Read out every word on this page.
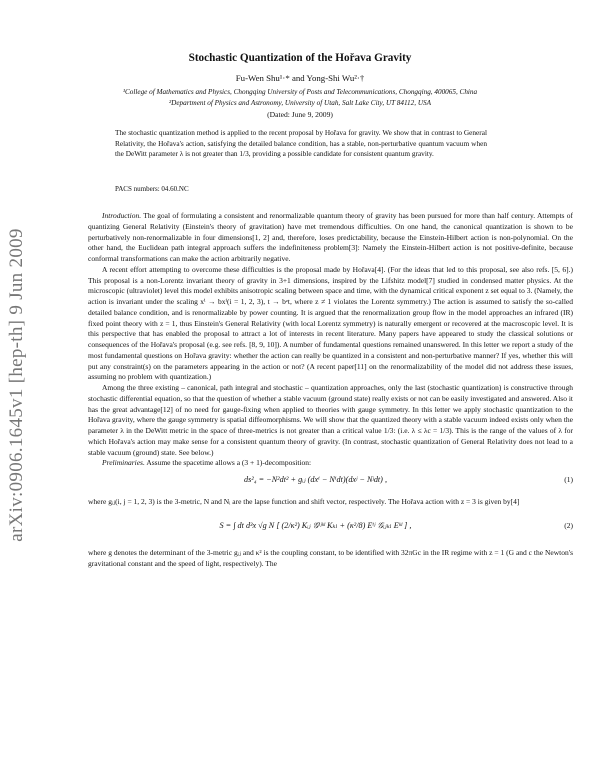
arXiv:0906.1645v1 [hep-th] 9 Jun 2009
Stochastic Quantization of the Hořava Gravity
Fu-Wen Shu¹·* and Yong-Shi Wu²·†
¹College of Mathematics and Physics, Chongqing University of Posts and Telecommunications, Chongqing, 400065, China
²Department of Physics and Astronomy, University of Utah, Salt Lake City, UT 84112, USA
(Dated: June 9, 2009)
The stochastic quantization method is applied to the recent proposal by Hořava for gravity. We show that in contrast to General Relativity, the Hořava's action, satisfying the detailed balance condition, has a stable, non-perturbative quantum vacuum when the DeWitt parameter λ is not greater than 1/3, providing a possible candidate for consistent quantum gravity.
PACS numbers: 04.60.NC

Introduction. The goal of formulating a consistent and renormalizable quantum theory of gravity has been pursued for more than half century. Attempts of quantizing General Relativity (Einstein's theory of gravitation) have met tremendous difficulties. On one hand, the canonical quantization is shown to be perturbatively non-renormalizable in four dimensions[1, 2] and, therefore, loses predictability, because the Einstein-Hilbert action is non-polynomial. On the other hand, the Euclidean path integral approach suffers the indefiniteness problem[3]: Namely the Einstein-Hilbert action is not positive-definite, because conformal transformations can make the action arbitrarily negative.

A recent effort attempting to overcome these difficulties is the proposal made by Hořava[4]. (For the ideas that led to this proposal, see also refs. [5, 6].) This proposal is a non-Lorentz invariant theory of gravity in 3+1 dimensions, inspired by the Lifshitz model[7] studied in condensed matter physics. At the microscopic (ultraviolet) level this model exhibits anisotropic scaling between space and time, with the dynamical critical exponent z set equal to 3. (Namely, the action is invariant under the scaling xⁱ → bxⁱ(i = 1, 2, 3), t → bᶻt, where z ≠ 1 violates the Lorentz symmetry.) The action is assumed to satisfy the so-called detailed balance condition, and is renormalizable by power counting. It is argued that the renormalization group flow in the model approaches an infrared (IR) fixed point theory with z = 1, thus Einstein's General Relativity (with local Lorentz symmetry) is naturally emergent or recovered at the macroscopic level. It is this perspective that has enabled the proposal to attract a lot of interests in recent literature. Many papers have appeared to study the classical solutions or consequences of the Hořava's proposal (e.g. see refs. [8, 9, 10]). A number of fundamental questions remained unanswered. In this letter we report a study of the most fundamental questions on Hořava gravity: whether the action can really be quantized in a consistent and non-perturbative manner? If yes, whether this will put any constraint(s) on the parameters appearing in the action or not? (A recent paper[11] on the renormalizability of the model did not address these issues, assuming no problem with quantization.)

Among the three existing – canonical, path integral and stochastic – quantization approaches, only the last (stochastic quantization) is constructive through stochastic differential equation, so that the question of whether a stable vacuum (ground state) really exists or not can be easily investigated and answered. Also it has the great advantage[12] of no need for gauge-fixing when applied to theories with gauge symmetry. In this letter we apply stochastic quantization to the Hořava gravity, where the gauge symmetry is spatial diffeomorphisms. We will show that the quantized theory with a stable vacuum indeed exists only when the parameter λ in the DeWitt metric in the space of three-metrics is not greater than a critical value 1/3: (i.e. λ ≤ λc = 1/3). This is the range of the values of λ for which Hořava's action may make sense for a consistent quantum theory of gravity. (In contrast, stochastic quantization of General Relativity does not lead to a stable vacuum (ground) state. See below.)

Preliminaries. Assume the spacetime allows a (3 + 1)-decomposition:

ds²₄ = −N²dt² + gᵢⱼ (dxⁱ − Nⁱdt)(dxʲ − Nʲdt) ,	(1)

where gᵢⱼ(i, j = 1, 2, 3) is the 3-metric, N and Nᵢ are the lapse function and shift vector, respectively. The Hořava action with z = 3 is given by[4]

S = ∫ dt d³x √g N [ (2/κ²) Kᵢⱼ 𝒢ⁱʲᵏˡ Kₖₗ + (κ²/8) Eⁱʲ 𝒢ᵢⱼₖₗ Eᵏˡ ] ,	(2)

where g denotes the determinant of the 3-metric gᵢⱼ and κ² is the coupling constant, to be identified with 32πGc in the IR regime with z = 1 (G and c the Newton's gravitational constant and the speed of light, respectively). The
